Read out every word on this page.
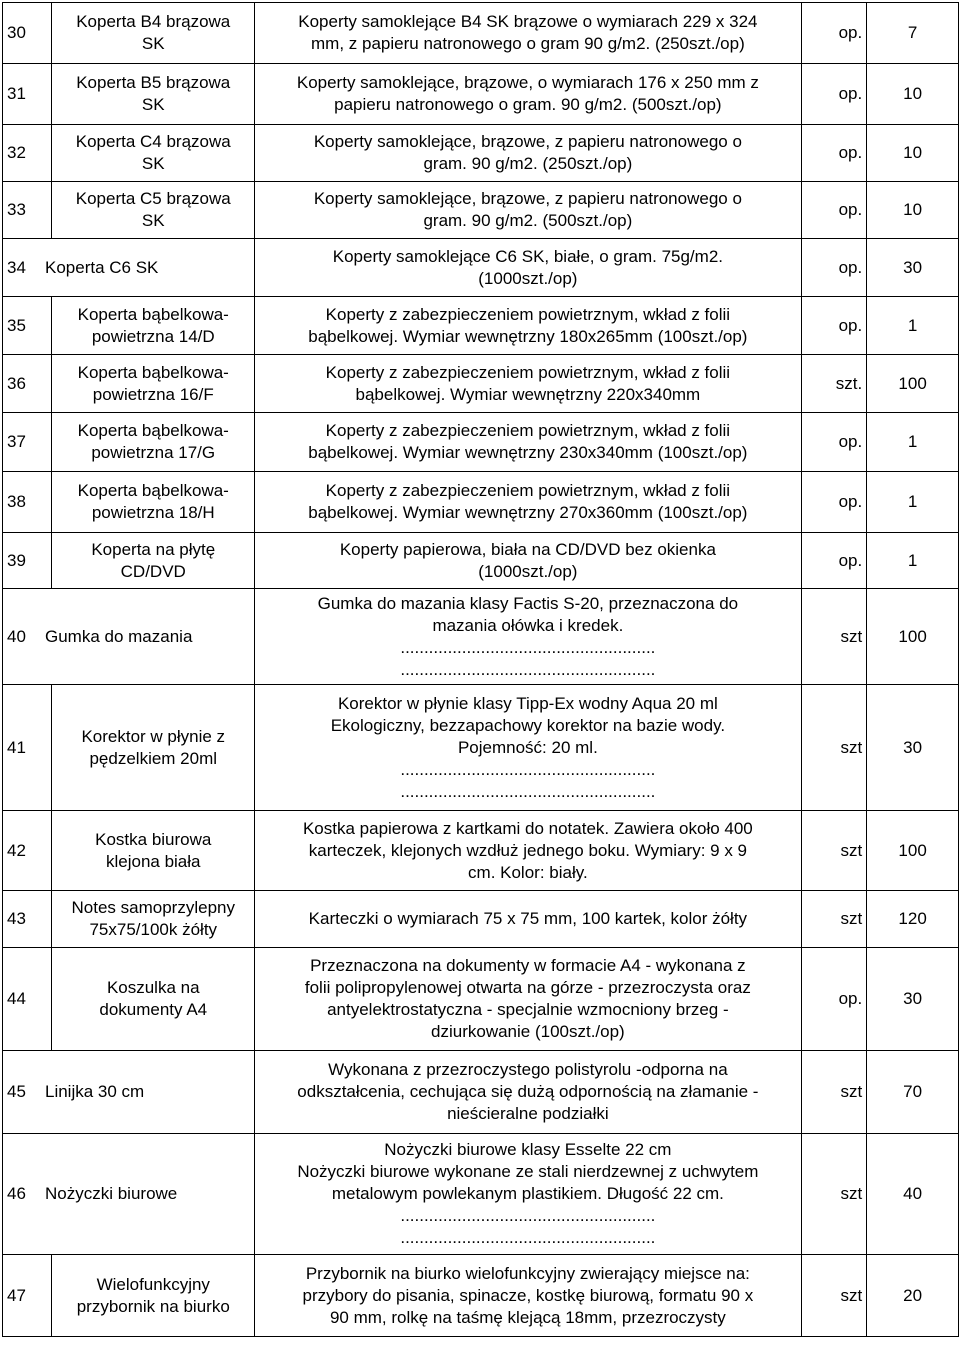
30	Koperta B4 brązowa
SK	Koperty samoklejące B4 SK brązowe o wymiarach 229 x 324
mm, z papieru natronowego o gram 90 g/m2. (250szt./op)	op.	7
31	Koperta B5 brązowa
SK	Koperty samoklejące, brązowe, o wymiarach 176 x 250 mm z
papieru natronowego o gram. 90 g/m2. (500szt./op)	op.	10
32	Koperta C4 brązowa
SK	Koperty samoklejące, brązowe, z papieru natronowego o
gram. 90 g/m2. (250szt./op)	op.	10
33	Koperta C5 brązowa
SK	Koperty samoklejące, brązowe, z papieru natronowego o
gram. 90 g/m2. (500szt./op)	op.	10
34 Koperta C6 SK		Koperty samoklejące C6 SK, białe, o gram. 75g/m2.
(1000szt./op)	op.	30
35	Koperta bąbelkowa-
powietrzna 14/D	Koperty z zabezpieczeniem powietrznym, wkład z folii
bąbelkowej. Wymiar wewnętrzny 180x265mm (100szt./op)	op.	1
36	Koperta bąbelkowa-
powietrzna 16/F	Koperty z zabezpieczeniem powietrznym, wkład z folii
bąbelkowej. Wymiar wewnętrzny 220x340mm	szt.	100
37	Koperta bąbelkowa-
powietrzna 17/G	Koperty z zabezpieczeniem powietrznym, wkład z folii
bąbelkowej. Wymiar wewnętrzny 230x340mm (100szt./op)	op.	1
38	Koperta bąbelkowa-
powietrzna 18/H	Koperty z zabezpieczeniem powietrznym, wkład z folii
bąbelkowej. Wymiar wewnętrzny 270x360mm (100szt./op)	op.	1
39	Koperta na płytę
CD/DVD	Koperty papierowa, biała na CD/DVD bez okienka
(1000szt./op)	op.	1
40 Gumka do mazania		Gumka do mazania klasy Factis S-20, przeznaczona do
mazania ołówka i kredek.
......................................................
......................................................	szt	100
41	Korektor w płynie z
pędzelkiem 20ml	Korektor w płynie klasy Tipp-Ex wodny Aqua 20 ml
Ekologiczny, bezzapachowy korektor na bazie wody.
Pojemność: 20 ml.
......................................................
......................................................	szt	30
42	Kostka biurowa
klejona biała	Kostka papierowa z kartkami do notatek. Zawiera około 400
karteczek, klejonych wzdłuż jednego boku. Wymiary: 9 x 9
cm. Kolor: biały.	szt	100
43	Notes samoprzylepny
75x75/100k żółty	Karteczki o wymiarach 75 x 75 mm, 100 kartek, kolor żółty	szt	120
44	Koszulka na
dokumenty A4	Przeznaczona na dokumenty w formacie A4 - wykonana z
folii polipropylenowej otwarta na górze - przezroczysta oraz
antyelektrostatyczna - specjalnie wzmocniony brzeg -
dziurkowanie (100szt./op)	op.	30
45 Linijka 30 cm		Wykonana z przezroczystego polistyrolu -odporna na
odkształcenia, cechująca się dużą odpornością na złamanie -
nieścieralne podziałki	szt	70
46 Nożyczki biurowe		Nożyczki biurowe klasy Esselte 22 cm
Nożyczki biurowe wykonane ze stali nierdzewnej z uchwytem
metalowym powlekanym plastikiem. Długość 22 cm.
......................................................
......................................................	szt	40
47	Wielofunkcyjny
przybornik na biurko	Przybornik na biurko wielofunkcyjny zwierający miejsce na:
przybory do pisania, spinacze, kostkę biurową, formatu 90 x
90 mm, rolkę na taśmę klejącą 18mm, przezroczysty	szt	20
